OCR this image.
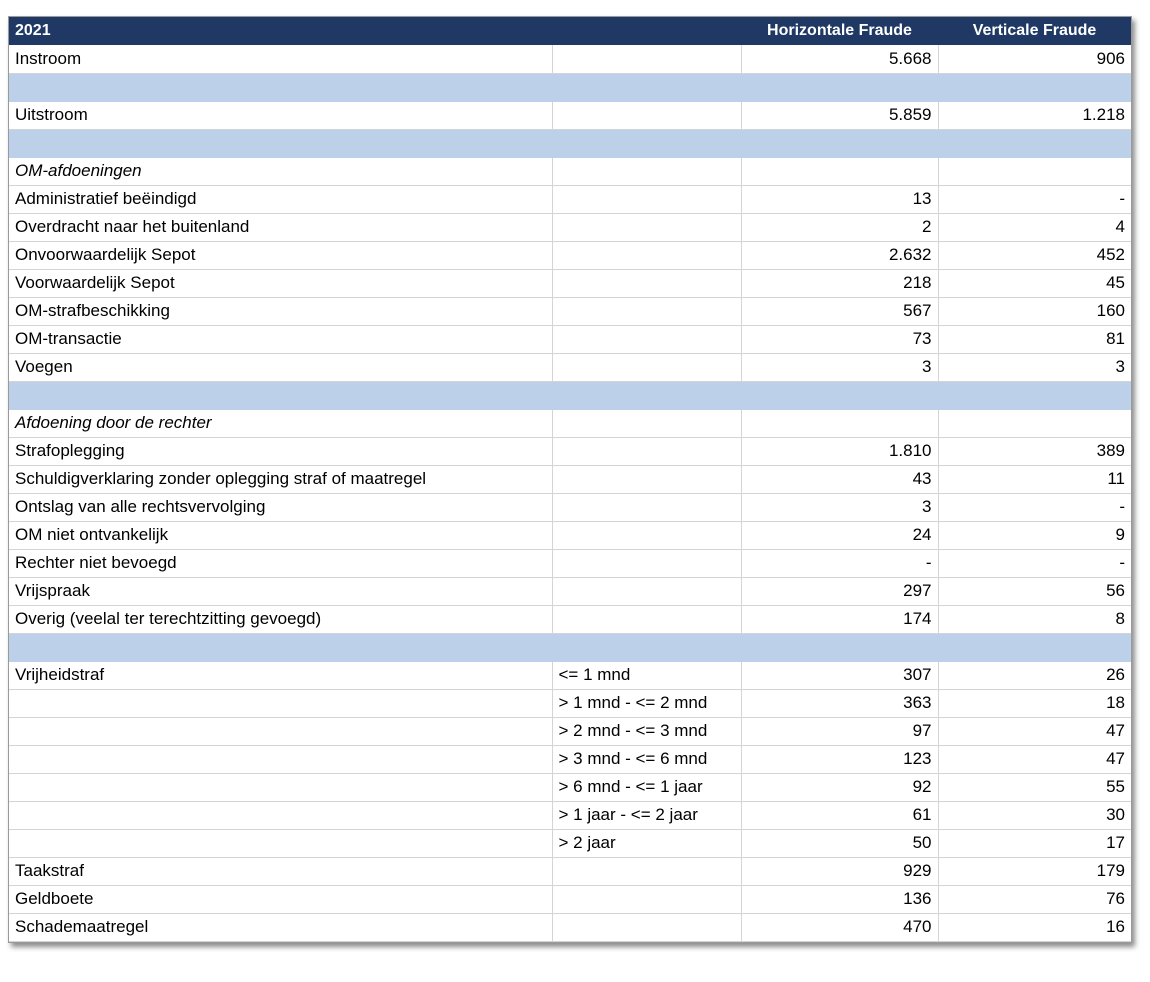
2021		Horizontale Fraude	Verticale Fraude
Instroom		5.668	906

Uitstroom		5.859	1.218

OM-afdoeningen			
Administratief beëindigd		13	-
Overdracht naar het buitenland		2	4
Onvoorwaardelijk Sepot		2.632	452
Voorwaardelijk Sepot		218	45
OM-strafbeschikking		567	160
OM-transactie		73	81
Voegen		3	3

Afdoening door de rechter			
Strafoplegging		1.810	389
Schuldigverklaring zonder oplegging straf of maatregel		43	11
Ontslag van alle rechtsvervolging		3	-
OM niet ontvankelijk		24	9
Rechter niet bevoegd		-	-
Vrijspraak		297	56
Overig (veelal ter terechtzitting gevoegd)		174	8

Vrijheidstraf	<= 1 mnd	307	26
	> 1 mnd - <= 2 mnd	363	18
	> 2 mnd - <= 3 mnd	97	47
	> 3 mnd - <= 6 mnd	123	47
	> 6 mnd - <= 1 jaar	92	55
	> 1 jaar - <= 2 jaar	61	30
	> 2 jaar	50	17
Taakstraf		929	179
Geldboete		136	76
Schademaatregel		470	16
